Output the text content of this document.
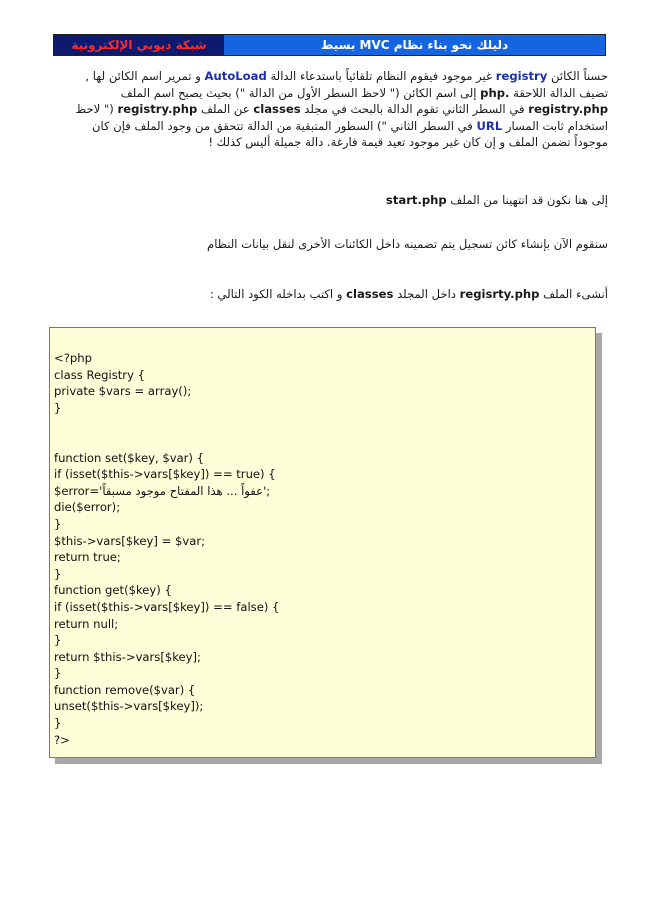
شبكة ديوبي الإلكترونية	دليلك نحو بناء نظام MVC بسيط
حسناً الكائن registry غير موجود فيقوم النظام تلقائياً باستدعاء الدالة AutoLoad و تمرير اسم الكائن لها , تضيف الدالة اللاحقة .php إلى اسم الكائن (" لاحظ السطر الأول من الدالة ") بحيث يصبح اسم الملف registry.php في السطر الثاني تقوم الدالة بالبحث في مجلد classes عن الملف registry.php (" لاحظ استخدام ثابت المسار URL في السطر الثاني ") السطور المتبقية من الدالة تتحقق من وجود الملف فإن كان موجوداً تضمن الملف و إن كان غير موجود تعيد قيمة فارغة. دالة جميلة أليس كذلك !
إلى هنا نكون قد انتهينا من الملف start.php
سنقوم الآن بإنشاء كائن تسجيل يتم تضمينه داخل الكائنات الأخرى لنقل بيانات النظام
أنشىء الملف regisrty.php داخل المجلد classes و اكتب بداخله الكود التالي :
<?php
class Registry {
private $vars = array();
}

function set($key, $var) {
if (isset($this->vars[$key]) == true) {
$error='عفواً ... هذا المفتاح موجود مسبقاً';
die($error);
}
$this->vars[$key] = $var;
return true;
}
function get($key) {
if (isset($this->vars[$key]) == false) {
return null;
}
return $this->vars[$key];
}
function remove($var) {
unset($this->vars[$key]);
}
?>
